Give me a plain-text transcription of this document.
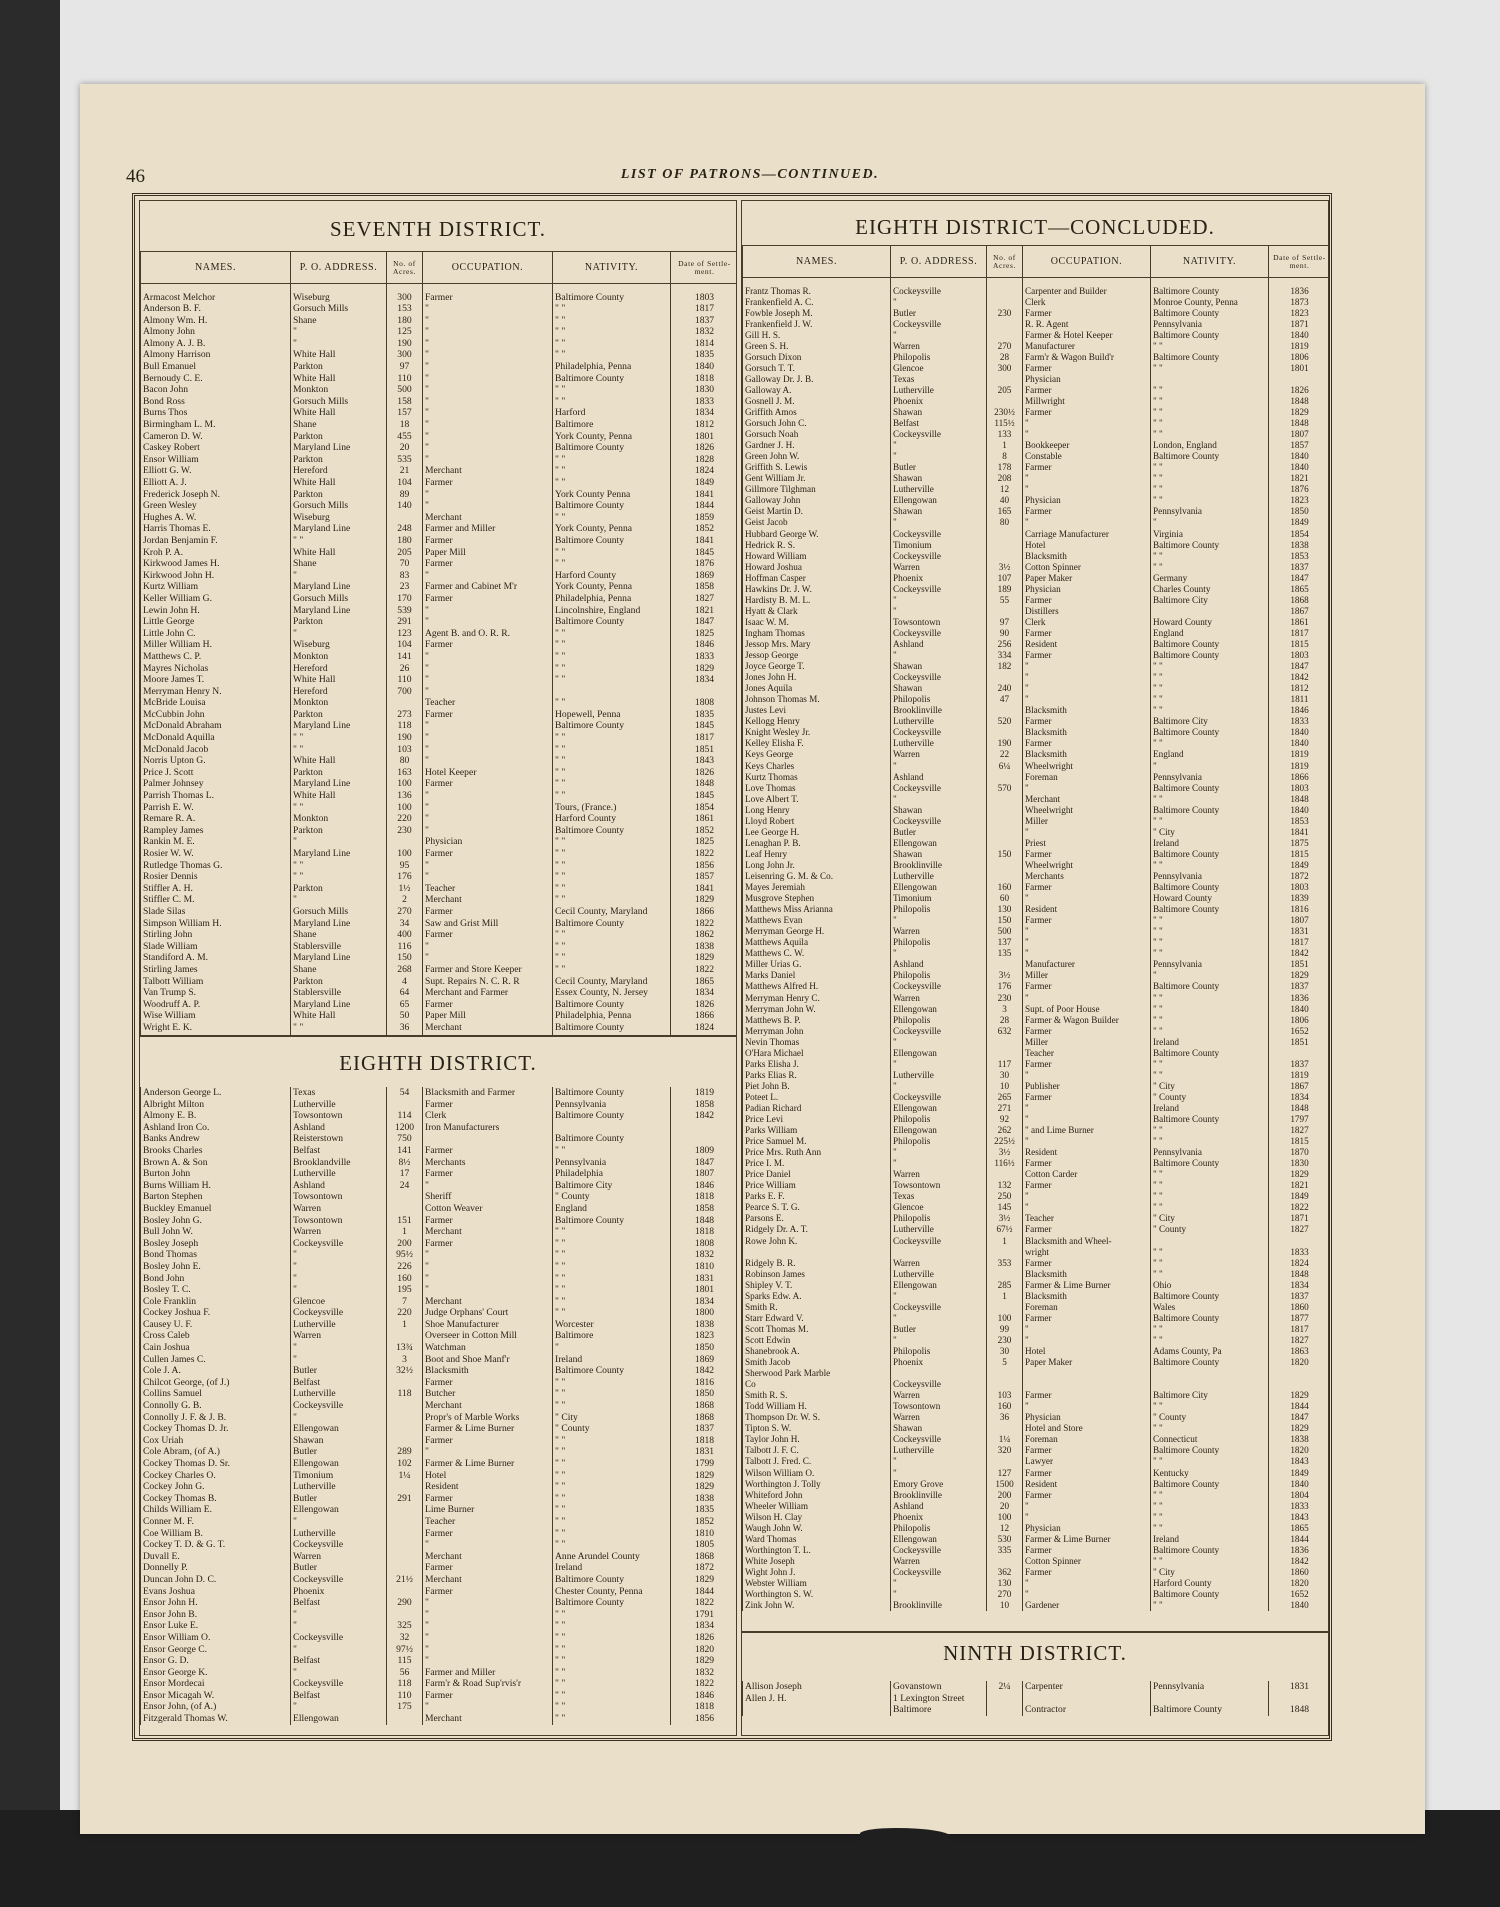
46	LIST OF PATRONS—CONTINUED.
SEVENTH DISTRICT.
NAMES.	P. O. ADDRESS.	No. of Acres.	OCCUPATION.	NATIVITY.	Date of Settle-ment.

Armacost Melchor	Wiseburg	300	Farmer	Baltimore County	1803
Anderson B. F.	Gorsuch Mills	153	"	" "	1817
Almony Wm. H.	Shane	180	"	" "	1837
Almony John	"	125	"	" "	1832
Almony A. J. B.	"	190	"	" "	1814
Almony Harrison	White Hall	300	"	" "	1835
Bull Emanuel	Parkton	97	"	Philadelphia, Penna	1840
Bernoudy C. E.	White Hall	110	"	Baltimore County	1818
Bacon John	Monkton	500	"	" "	1830
Bond Ross	Gorsuch Mills	158	"	" "	1833
Burns Thos	White Hall	157	"	Harford	1834
Birmingham L. M.	Shane	18	"	Baltimore	1812
Cameron D. W.	Parkton	455	"	York County, Penna	1801
Caskey Robert	Maryland Line	20	"	Baltimore County	1826
Ensor William	Parkton	535	"	" "	1828
Elliott G. W.	Hereford	21	Merchant	" "	1824
Elliott A. J.	White Hall	104	Farmer	" "	1849
Frederick Joseph N.	Parkton	89	"	York County Penna	1841
Green Wesley	Gorsuch Mills	140	"	Baltimore County	1844
Hughes A. W.	Wiseburg		Merchant	" "	1859
Harris Thomas E.	Maryland Line	248	Farmer and Miller	York County, Penna	1852
Jordan Benjamin F.	" "	180	Farmer	Baltimore County	1841
Kroh P. A.	White Hall	205	Paper Mill	" "	1845
Kirkwood James H.	Shane	70	Farmer	" "	1876
Kirkwood John H.	"	83	"	Harford County	1869
Kurtz William	Maryland Line	23	Farmer and Cabinet M'r	York County, Penna	1858
Keller William G.	Gorsuch Mills	170	Farmer	Philadelphia, Penna	1827
Lewin John H.	Maryland Line	539	"	Lincolnshire, England	1821
Little George	Parkton	291	"	Baltimore County	1847
Little John C.	"	123	Agent B. and O. R. R.	" "	1825
Miller William H.	Wiseburg	104	Farmer	" "	1846
Matthews C. P.	Monkton	141	"	" "	1833
Mayres Nicholas	Hereford	26	"	" "	1829
Moore James T.	White Hall	110	"	" "	1834
Merryman Henry N.	Hereford	700	"		
McBride Louisa	Monkton		Teacher	" "	1808
McCubbin John	Parkton	273	Farmer	Hopewell, Penna	1835
McDonald Abraham	Maryland Line	118	"	Baltimore County	1845
McDonald Aquilla	" "	190	"	" "	1817
McDonald Jacob	" "	103	"	" "	1851
Norris Upton G.	White Hall	80	"	" "	1843
Price J. Scott	Parkton	163	Hotel Keeper	" "	1826
Palmer Johnsey	Maryland Line	100	Farmer	" "	1848
Parrish Thomas L.	White Hall	136	"	" "	1845
Parrish E. W.	" "	100	"	Tours, (France.)	1854
Remare R. A.	Monkton	220	"	Harford County	1861
Rampley James	Parkton	230	"	Baltimore County	1852
Rankin M. E.	"		Physician	" "	1825
Rosier W. W.	Maryland Line	100	Farmer	" "	1822
Rutledge Thomas G.	" "	95	"	" "	1856
Rosier Dennis	" "	176	"	" "	1857
Stiffler A. H.	Parkton	1½	Teacher	" "	1841
Stiffler C. M.	"	2	Merchant	" "	1829
Slade Silas	Gorsuch Mills	270	Farmer	Cecil County, Maryland	1866
Simpson William H.	Maryland Line	34	Saw and Grist Mill	Baltimore County	1822
Stirling John	Shane	400	Farmer	" "	1862
Slade William	Stablersville	116	"	" "	1838
Standiford A. M.	Maryland Line	150	"	" "	1829
Stirling James	Shane	268	Farmer and Store Keeper	" "	1822
Talbott William	Parkton	4	Supt. Repairs N. C. R. R	Cecil County, Maryland	1865
Van Trump S.	Stablersville	64	Merchant and Farmer	Essex County, N. Jersey	1834
Woodruff A. P.	Maryland Line	65	Farmer	Baltimore County	1826
Wise William	White Hall	50	Paper Mill	Philadelphia, Penna	1866
Wright E. K.	" "	36	Merchant	Baltimore County	1824

EIGHTH DISTRICT.
Anderson George L.	Texas	54	Blacksmith and Farmer	Baltimore County	1819
Albright Milton	Lutherville		Farmer	Pennsylvania	1858
Almony E. B.	Towsontown	114	Clerk	Baltimore County	1842
Ashland Iron Co.	Ashland	1200	Iron Manufacturers		
Banks Andrew	Reisterstown	750		Baltimore County	
Brooks Charles	Belfast	141	Farmer	" "	1809
Brown A. & Son	Brooklandville	8½	Merchants	Pennsylvania	1847
Burton John	Lutherville	17	Farmer	Philadelphia	1807
Burns William H.	Ashland	24	"	Baltimore City	1846
Barton Stephen	Towsontown		Sheriff	" County	1818
Buckley Emanuel	Warren		Cotton Weaver	England	1858
Bosley John G.	Towsontown	151	Farmer	Baltimore County	1848
Bull John W.	Warren	1	Merchant	" "	1818
Bosley Joseph	Cockeysville	200	Farmer	" "	1808
Bond Thomas	"	95½	"	" "	1832
Bosley John E.	"	226	"	" "	1810
Bond John	"	160	"	" "	1831
Bosley T. C.	"	195	"	" "	1801
Cole Franklin	Glencoe	7	Merchant	" "	1834
Cockey Joshua F.	Cockeysville	220	Judge Orphans' Court	" "	1800
Causey U. F.	Lutherville	1	Shoe Manufacturer	Worcester	1838
Cross Caleb	Warren		Overseer in Cotton Mill	Baltimore	1823
Cain Joshua	"	13¾	Watchman	"	1850
Cullen James C.	"	3	Boot and Shoe Manf'r	Ireland	1869
Cole J. A.	Butler	32½	Blacksmith	Baltimore County	1842
Chilcot George, (of J.)	Belfast		Farmer	" "	1816
Collins Samuel	Lutherville	118	Butcher	" "	1850
Connolly G. B.	Cockeysville		Merchant	" "	1868
Connolly J. F. & J. B.	"		Propr's of Marble Works	" City	1868
Cockey Thomas D. Jr.	Ellengowan		Farmer & Lime Burner	" County	1837
Cox Uriah	Shawan		Farmer	" "	1818
Cole Abram, (of A.)	Butler	289	"	" "	1831
Cockey Thomas D. Sr.	Ellengowan	102	Farmer & Lime Burner	" "	1799
Cockey Charles O.	Timonium	1¼	Hotel	" "	1829
Cockey John G.	Lutherville		Resident	" "	1829
Cockey Thomas B.	Butler	291	Farmer	" "	1838
Childs William E.	Ellengowan		Lime Burner	" "	1835
Conner M. F.	"		Teacher	" "	1852
Coe William B.	Lutherville		Farmer	" "	1810
Cockey T. D. & G. T.	Cockeysville		"	" "	1805
Duvall E.	Warren		Merchant	Anne Arundel County	1868
Donnelly P.	Butler		Farmer	Ireland	1872
Duncan John D. C.	Cockeysville	21½	Merchant	Baltimore County	1829
Evans Joshua	Phoenix		Farmer	Chester County, Penna	1844
Ensor John H.	Belfast	290	"	Baltimore County	1822
Ensor John B.	"		"	" "	1791
Ensor Luke E.	"	325	"	" "	1834
Ensor William O.	Cockeysville	32	"	" "	1826
Ensor George C.	"	97½	"	" "	1820
Ensor G. D.	Belfast	115	"	" "	1829
Ensor George K.	"	56	Farmer and Miller	" "	1832
Ensor Mordecai	Cockeysville	118	Farm'r & Road Sup'rvis'r	" "	1822
Ensor Micagah W.	Belfast	110	Farmer	" "	1846
Ensor John, (of A.)	"	175	"	" "	1818
Fitzgerald Thomas W.	Ellengowan		Merchant	" "	1856
EIGHTH DISTRICT—CONCLUDED.
NAMES.	P. O. ADDRESS.	No. of Acres.	OCCUPATION.	NATIVITY.	Date of Settle-ment.

Frantz Thomas R.	Cockeysville		Carpenter and Builder	Baltimore County	1836
Frankenfield A. C.	"		Clerk	Monroe County, Penna	1873
Fowble Joseph M.	Butler	230	Farmer	Baltimore County	1823
Frankenfield J. W.	Cockeysville		R. R. Agent	Pennsylvania	1871
Gill H. S.	"		Farmer & Hotel Keeper	Baltimore County	1840
Green S. H.	Warren	270	Manufacturer	" "	1819
Gorsuch Dixon	Philopolis	28	Farm'r & Wagon Build'r	Baltimore County	1806
Gorsuch T. T.	Glencoe	300	Farmer	" "	1801
Galloway Dr. J. B.	Texas		Physician		
Galloway A.	Lutherville	205	Farmer	" "	1826
Gosnell J. M.	Phoenix		Millwright	" "	1848
Griffith Amos	Shawan	230½	Farmer	" "	1829
Gorsuch John C.	Belfast	115½	"	" "	1848
Gorsuch Noah	Cockeysville	133	"	" "	1807
Gardner J. H.	"	1	Bookkeeper	London, England	1857
Green John W.	"	8	Constable	Baltimore County	1840
Griffith S. Lewis	Butler	178	Farmer	" "	1840
Gent William Jr.	Shawan	208	"	" "	1821
Gillmore Tilghman	Lutherville	12	"	" "	1876
Galloway John	Ellengowan	40	Physician	" "	1823
Geist Martin D.	Shawan	165	Farmer	Pennsylvania	1850
Geist Jacob	"	80	"	"	1849
Hubbard George W.	Cockeysville		Carriage Manufacturer	Virginia	1854
Hedrick R. S.	Timonium		Hotel	Baltimore County	1838
Howard William	Cockeysville		Blacksmith	" "	1853
Howard Joshua	Warren	3½	Cotton Spinner	" "	1837
Hoffman Casper	Phoenix	107	Paper Maker	Germany	1847
Hawkins Dr. J. W.	Cockeysville	189	Physician	Charles County	1865
Hardisty B. M. L.	"	55	Farmer	Baltimore City	1868
Hyatt & Clark	"		Distillers		1867
Isaac W. M.	Towsontown	97	Clerk	Howard County	1861
Ingham Thomas	Cockeysville	90	Farmer	England	1817
Jessop Mrs. Mary	Ashland	256	Resident	Baltimore County	1815
Jessop George	"	334	Farmer	Baltimore County	1803
Joyce George T.	Shawan	182	"	" "	1847
Jones John H.	Cockeysville		"	" "	1842
Jones Aquila	Shawan	240	"	" "	1812
Johnson Thomas M.	Philopolis	47	"	" "	1811
Justes Levi	Brooklinville		Blacksmith	" "	1846
Kellogg Henry	Lutherville	520	Farmer	Baltimore City	1833
Knight Wesley Jr.	Cockeysville		Blacksmith	Baltimore County	1840
Kelley Elisha F.	Lutherville	190	Farmer	" "	1840
Keys George	Warren	22	Blacksmith	England	1819
Keys Charles	"	6¼	Wheelwright	"	1819
Kurtz Thomas	Ashland		Foreman	Pennsylvania	1866
Love Thomas	Cockeysville	570	"	Baltimore County	1803
Love Albert T.	"		Merchant	" "	1848
Long Henry	Shawan		Wheelwright	Baltimore County	1840
Lloyd Robert	Cockeysville		Miller	" "	1853
Lee George H.	Butler		"	" City	1841
Lenaghan P. B.	Ellengowan		Priest	Ireland	1875
Leaf Henry	Shawan	150	Farmer	Baltimore County	1815
Long John Jr.	Brooklinville		Wheelwright	" "	1849
Leisenring G. M. & Co.	Lutherville		Merchants	Pennsylvania	1872
Mayes Jeremiah	Ellengowan	160	Farmer	Baltimore County	1803
Musgrove Stephen	Timonium	60	"	Howard County	1839
Matthews Miss Arianna	Philopolis	130	Resident	Baltimore County	1816
Matthews Evan	"	150	Farmer	" "	1807
Merryman George H.	Warren	500	"	" "	1831
Matthews Aquila	Philopolis	137	"	" "	1817
Matthews C. W.	"	135	"	" "	1842
Miller Urias G.	Ashland		Manufacturer	Pennsylvania	1851
Marks Daniel	Philopolis	3½	Miller	"	1829
Matthews Alfred H.	Cockeysville	176	Farmer	Baltimore County	1837
Merryman Henry C.	Warren	230	"	" "	1836
Merryman John W.	Ellengowan	3	Supt. of Poor House	" "	1840
Matthews B. P.	Philopolis	28	Farmer & Wagon Builder	" "	1806
Merryman John	Cockeysville	632	Farmer	" "	1652
Nevin Thomas	"		Miller	Ireland	1851
O'Hara Michael	Ellengowan		Teacher	Baltimore County	
Parks Elisha J.	"	117	Farmer	" "	1837
Parks Elias R.	Lutherville	30	"	" "	1819
Piet John B.	"	10	Publisher	" City	1867
Poteet L.	Cockeysville	265	Farmer	" County	1834
Padian Richard	Ellengowan	271	"	Ireland	1848
Price Levi	Philopolis	92	"	Baltimore County	1797
Parks William	Ellengowan	262	" and Lime Burner	" "	1827
Price Samuel M.	Philopolis	225½	"	" "	1815
Price Mrs. Ruth Ann	"	3½	Resident	Pennsylvania	1870
Price I. M.	"	116½	Farmer	Baltimore County	1830
Price Daniel	Warren		Cotton Carder	" "	1829
Price William	Towsontown	132	Farmer	" "	1821
Parks E. F.	Texas	250	"	" "	1849
Pearce S. T. G.	Glencoe	145	"	" "	1822
Parsons E.	Philopolis	3½	Teacher	" City	1871
Ridgely Dr. A. T.	Lutherville	67½	Farmer	" County	1827
Rowe John K.	Cockeysville	1	Blacksmith and Wheel-		
			wright	" "	1833
Ridgely B. R.	Warren	353	Farmer	" "	1824
Robinson James	Lutherville		Blacksmith	" "	1848
Shipley V. T.	Ellengowan	285	Farmer & Lime Burner	Ohio	1834
Sparks Edw. A.	"	1	Blacksmith	Baltimore County	1837
Smith R.	Cockeysville		Foreman	Wales	1860
Starr Edward V.	"	100	Farmer	Baltimore County	1877
Scott Thomas M.	Butler	99	"	" "	1817
Scott Edwin	"	230	"	" "	1827
Shanebrook A.	Philopolis	30	Hotel	Adams County, Pa	1863
Smith Jacob	Phoenix	5	Paper Maker	Baltimore County	1820
Sherwood Park Marble					
Co	Cockeysville				
Smith R. S.	Warren	103	Farmer	Baltimore City	1829
Todd William H.	Towsontown	160	"	" "	1844
Thompson Dr. W. S.	Warren	36	Physician	" County	1847
Tipton S. W.	Shawan		Hotel and Store	" "	1829
Taylor John H.	Cockeysville	1¼	Foreman	Connecticut	1838
Talbott J. F. C.	Lutherville	320	Farmer	Baltimore County	1820
Talbott J. Fred. C.	"		Lawyer	" "	1843
Wilson William O.	"	127	Farmer	Kentucky	1849
Worthington J. Tolly	Emory Grove	1500	Resident	Baltimore County	1840
Whiteford John	Brooklinville	200	Farmer	" "	1804
Wheeler William	Ashland	20	"	" "	1833
Wilson H. Clay	Phoenix	100	"	" "	1843
Waugh John W.	Philopolis	12	Physician	" "	1865
Ward Thomas	Ellengowan	530	Farmer & Lime Burner	Ireland	1844
Worthington T. L.	Cockeysville	335	Farmer	Baltimore County	1836
White Joseph	Warren		Cotton Spinner	" "	1842
Wight John J.	Cockeysville	362	Farmer	" City	1860
Webster William	"	130	"	Harford County	1820
Worthington S. W.	"	270	"	Baltimore County	1652
Zink John W.	Brooklinville	10	Gardener	" "	1840
NINTH DISTRICT.
Allison Joseph	Govanstown	2¼	Carpenter	Pennsylvania	1831
Allen J. H.	1 Lexington Street				
	Baltimore		Contractor	Baltimore County	1848
